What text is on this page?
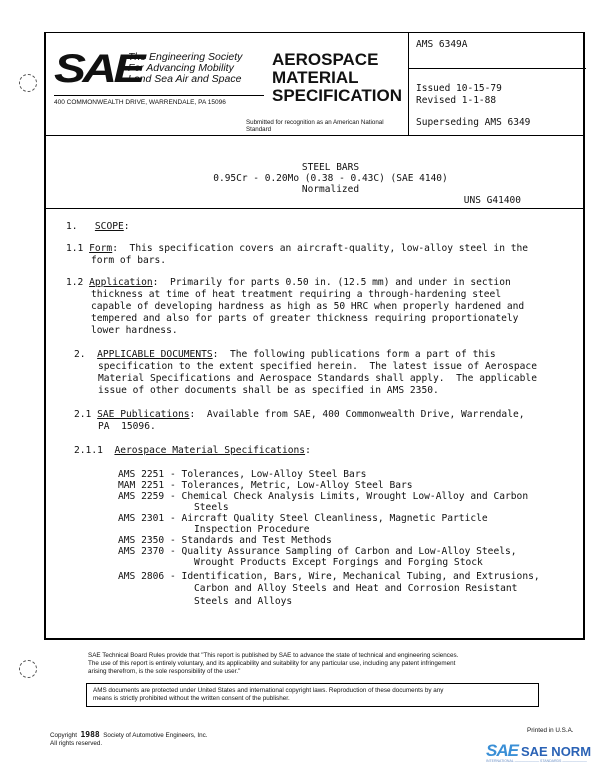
SAE
The Engineering Society
For Advancing Mobility
Land Sea Air and Space
400 COMMONWEALTH DRIVE, WARRENDALE, PA 15096
AEROSPACE
MATERIAL
SPECIFICATION
Submitted for recognition as an American National Standard
AMS 6349A
Issued 10-15-79
Revised 1-1-88
Superseding AMS 6349
STEEL BARS
0.95Cr - 0.20Mo (0.38 - 0.43C) (SAE 4140)
Normalized
UNS G41400
1. SCOPE:
1.1 Form:  This specification covers an aircraft-quality, low-alloy steel in the
form of bars.
1.2 Application:  Primarily for parts 0.50 in. (12.5 mm) and under in section
thickness at time of heat treatment requiring a through-hardening steel
capable of developing hardness as high as 50 HRC when properly hardened and
tempered and also for parts of greater thickness requiring proportionately
lower hardness.
2. APPLICABLE DOCUMENTS:  The following publications form a part of this
specification to the extent specified herein.  The latest issue of Aerospace
Material Specifications and Aerospace Standards shall apply.  The applicable
issue of other documents shall be as specified in AMS 2350.
2.1 SAE Publications:  Available from SAE, 400 Commonwealth Drive, Warrendale,
PA  15096.
2.1.1 Aerospace Material Specifications:
AMS 2251 - Tolerances, Low-Alloy Steel Bars
MAM 2251 - Tolerances, Metric, Low-Alloy Steel Bars
AMS 2259 - Chemical Check Analysis Limits, Wrought Low-Alloy and Carbon
Steels
AMS 2301 - Aircraft Quality Steel Cleanliness, Magnetic Particle
Inspection Procedure
AMS 2350 - Standards and Test Methods
AMS 2370 - Quality Assurance Sampling of Carbon and Low-Alloy Steels,
Wrought Products Except Forgings and Forging Stock
AMS 2806 - Identification, Bars, Wire, Mechanical Tubing, and Extrusions,
Carbon and Alloy Steels and Heat and Corrosion Resistant
Steels and Alloys
SAE Technical Board Rules provide that "This report is published by SAE to advance the state of technical and engineering sciences.
The use of this report is entirely voluntary, and its applicability and suitability for any particular use, including any patent infringement
arising therefrom, is the sole responsibility of the user."
AMS documents are protected under United States and international copyright laws. Reproduction of these documents by any
means is strictly prohibited without the written consent of the publisher.
Copyright 1988 Society of Automotive Engineers, Inc.
All rights reserved.
Printed in U.S.A.
SAE SAE NORM
INTERNATIONAL ——————— STANDARDS ———————
